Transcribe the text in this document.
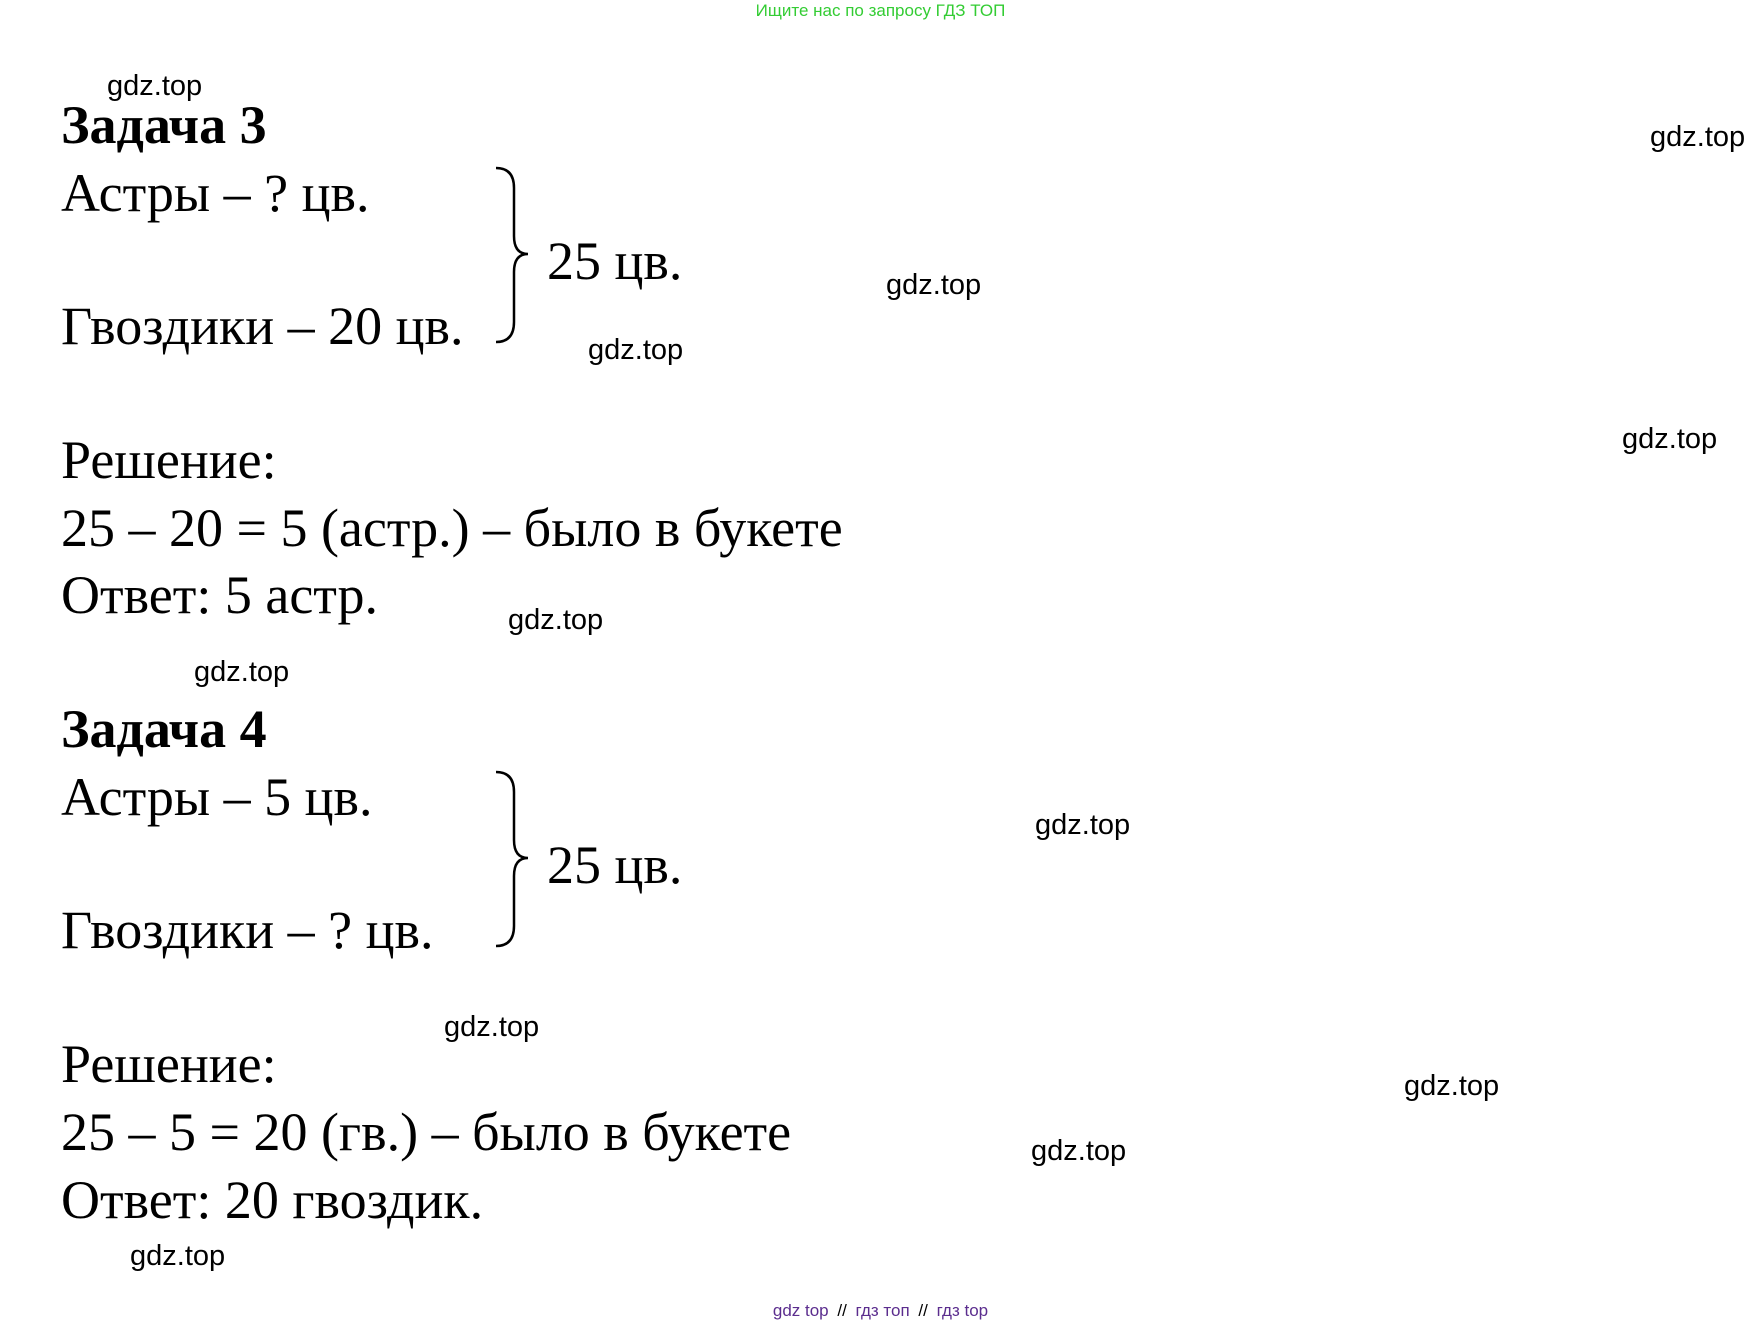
Ищите нас по запросу ГДЗ ТОП
gdz.top
gdz.top
gdz.top
gdz.top
gdz.top
gdz.top
gdz.top
gdz.top
gdz.top
gdz.top
gdz.top
gdz.top
Задача 3
Астры – ? цв.
Гвоздики – 20 цв.
25 цв.
Решение:
25 – 20 = 5 (астр.) – было в букете
Ответ: 5 астр.
Задача 4
Астры – 5 цв.
Гвоздики – ? цв.
25 цв.
Решение:
25 – 5 = 20 (гв.) – было в букете
Ответ: 20 гвоздик.
gdz top // гдз топ // гдз top
